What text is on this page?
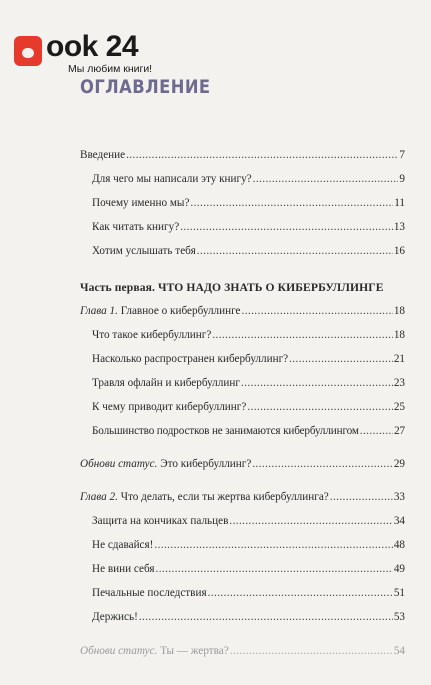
ook 24
Мы любим книги!
ОГЛАВЛЕНИЕ
Введение .....	7
Для чего мы написали эту книгу? .....	9
Почему именно мы? .....	11
Как читать книгу? .....	13
Хотим услышать тебя .....	16
Часть первая. ЧТО НАДО ЗНАТЬ О КИБЕРБУЛЛИНГЕ
Глава 1. Главное о кибербуллинге .....	18
Что такое кибербуллинг? .....	18
Насколько распространен кибербуллинг? .....	21
Травля офлайн и кибербуллинг .....	23
К чему приводит кибербуллинг? .....	25
Большинство подростков не занимаются кибербуллингом .....	27
Обнови статус. Это кибербуллинг? .....	29
Глава 2. Что делать, если ты жертва кибербуллинга? .....	33
Защита на кончиках пальцев .....	34
Не сдавайся! .....	48
Не вини себя .....	49
Печальные последствия .....	51
Держись! .....	53
Обнови статус. Ты — жертва? .....	54
